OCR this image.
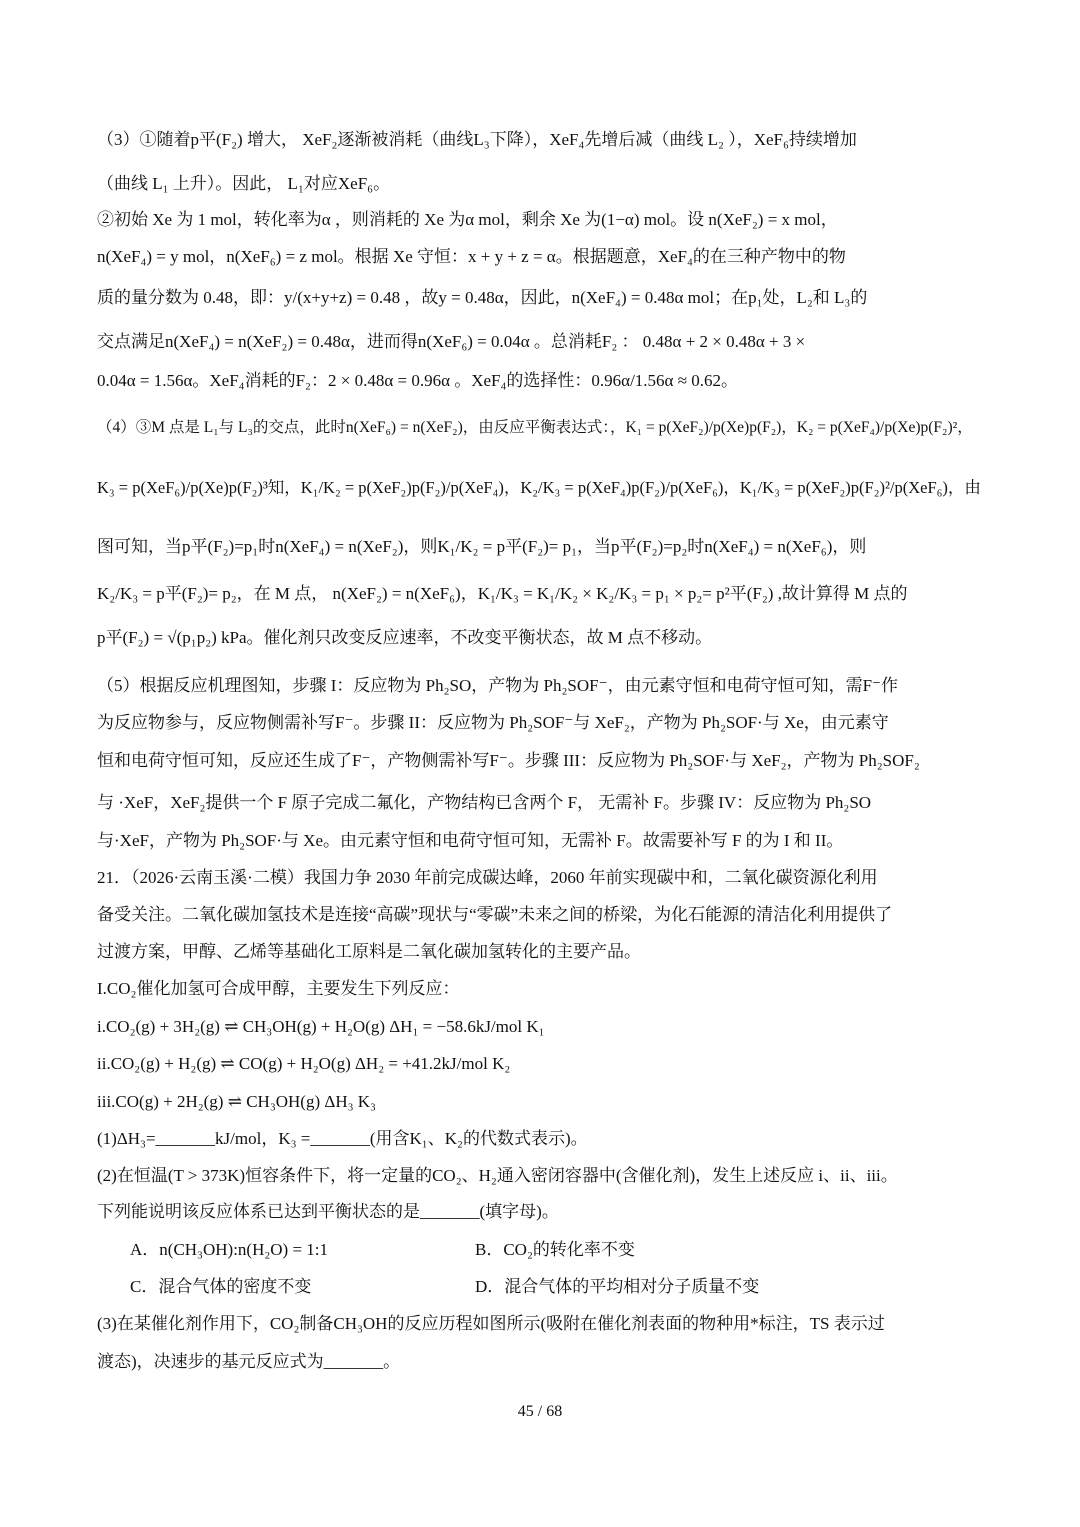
（3）①随着p平(F₂) 增大， XeF₂逐渐被消耗（曲线L₃下降），XeF₄先增后减（曲线 L₂ ），XeF₆持续增加
（曲线 L₁ 上升）。因此， L₁对应XeF₆。
②初始 Xe 为 1 mol，转化率为α ，则消耗的 Xe 为α mol，剩余 Xe 为(1−α) mol。设 n(XeF₂) = x mol，
n(XeF₄) = y mol，n(XeF₆) = z mol。根据 Xe 守恒：x + y + z = α。根据题意，XeF₄的在三种产物中的物
质的量分数为 0.48，即：y/(x+y+z) = 0.48 ，故y = 0.48α，因此，n(XeF₄) = 0.48α mol；在p₁处，L₂和 L₃的
交点满足n(XeF₄) = n(XeF₂) = 0.48α，进而得n(XeF₆) = 0.04α 。总消耗F₂ ： 0.48α + 2 × 0.48α + 3 ×
0.04α = 1.56α。XeF₄消耗的F₂：2 × 0.48α = 0.96α 。XeF₄的选择性：0.96α/1.56α ≈ 0.62。
（4）③M 点是 L₁与 L₃的交点，此时n(XeF₆) = n(XeF₂)，由反应平衡表达式：，K₁ = p(XeF₂)/p(Xe)p(F₂)，K₂ = p(XeF₄)/p(Xe)p(F₂)²，
K₃ = p(XeF₆)/p(Xe)p(F₂)³知，K₁/K₂ = p(XeF₂)p(F₂)/p(XeF₄)，K₂/K₃ = p(XeF₄)p(F₂)/p(XeF₆)，K₁/K₃ = p(XeF₂)p(F₂)²/p(XeF₆)，由
图可知，当p平(F₂)=p₁时n(XeF₄) = n(XeF₂)，则K₁/K₂ = p平(F₂)= p₁，当p平(F₂)=p₂时n(XeF₄) = n(XeF₆)，则
K₂/K₃ = p平(F₂)= p₂，在 M 点， n(XeF₂) = n(XeF₆)，K₁/K₃ = K₁/K₂ × K₂/K₃ = p₁ × p₂= p²平(F₂) ,故计算得 M 点的
p平(F₂) = √(p₁p₂) kPa。催化剂只改变反应速率，不改变平衡状态，故 M 点不移动。
（5）根据反应机理图知，步骤 I：反应物为 Ph₂SO，产物为 Ph₂SOF⁻，由元素守恒和电荷守恒可知，需F⁻作
为反应物参与，反应物侧需补写F⁻。步骤 II：反应物为 Ph₂SOF⁻与 XeF₂，产物为 Ph₂SOF·与 Xe，由元素守
恒和电荷守恒可知，反应还生成了F⁻，产物侧需补写F⁻。步骤 III：反应物为 Ph₂SOF·与 XeF₂，产物为 Ph₂SOF₂
与 ·XeF，XeF₂提供一个 F 原子完成二氟化，产物结构已含两个 F， 无需补 F。步骤 IV：反应物为 Ph₂SO
与·XeF，产物为 Ph₂SOF·与 Xe。由元素守恒和电荷守恒可知，无需补 F。故需要补写 F 的为 I 和 II。
21．（2026·云南玉溪·二模）我国力争 2030 年前完成碳达峰，2060 年前实现碳中和，二氧化碳资源化利用
备受关注。二氧化碳加氢技术是连接“高碳”现状与“零碳”未来之间的桥梁，为化石能源的清洁化利用提供了
过渡方案，甲醇、乙烯等基础化工原料是二氧化碳加氢转化的主要产品。
I.CO₂催化加氢可合成甲醇，主要发生下列反应：
i.CO₂(g) + 3H₂(g) ⇌ CH₃OH(g) + H₂O(g) ΔH₁ = −58.6kJ/mol K₁
ii.CO₂(g) + H₂(g) ⇌ CO(g) + H₂O(g) ΔH₂ = +41.2kJ/mol K₂
iii.CO(g) + 2H₂(g) ⇌ CH₃OH(g) ΔH₃ K₃
(1)ΔH₃=_______kJ/mol，K₃ =_______(用含K₁、K₂的代数式表示)。
(2)在恒温(T > 373K)恒容条件下，将一定量的CO₂、H₂通入密闭容器中(含催化剂)，发生上述反应 i、ii、iii。
下列能说明该反应体系已达到平衡状态的是_______(填字母)。
A．n(CH₃OH):n(H₂O) = 1:1	B．CO₂的转化率不变
C．混合气体的密度不变	D．混合气体的平均相对分子质量不变
(3)在某催化剂作用下，CO₂制备CH₃OH的反应历程如图所示(吸附在催化剂表面的物种用*标注，TS 表示过
渡态)，决速步的基元反应式为_______。
45 / 68
